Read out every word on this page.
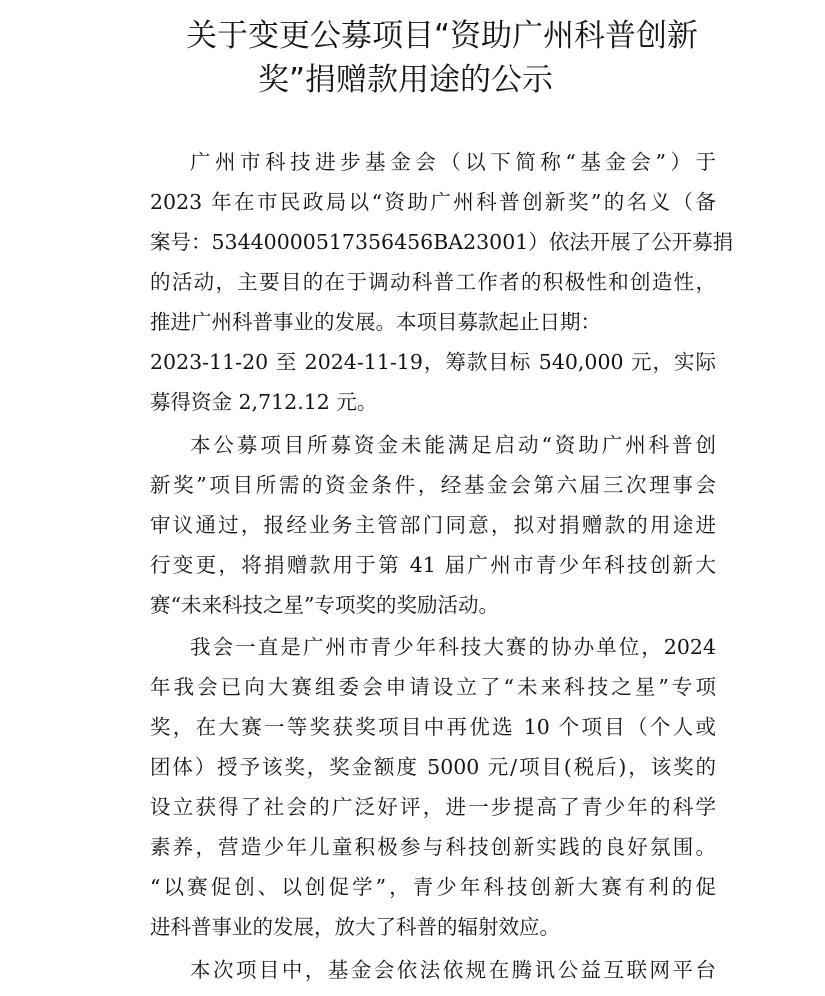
关于变更公募项目“资助广州科普创新
奖”捐赠款用途的公示
广州市科技进步基金会（以下简称“基金会”）于
2023 年在市民政局以“资助广州科普创新奖”的名义（备
案号：53440000517356456BA23001）依法开展了公开募捐
的活动，主要目的在于调动科普工作者的积极性和创造性，
推进广州科普事业的发展。本项目募款起止日期：
2023-11-20 至 2024-11-19，筹款目标 540,000 元，实际
募得资金 2,712.12 元。
本公募项目所募资金未能满足启动“资助广州科普创
新奖”项目所需的资金条件，经基金会第六届三次理事会
审议通过，报经业务主管部门同意，拟对捐赠款的用途进
行变更，将捐赠款用于第 41 届广州市青少年科技创新大
赛“未来科技之星”专项奖的奖励活动。
我会一直是广州市青少年科技大赛的协办单位，2024
年我会已向大赛组委会申请设立了“未来科技之星”专项
奖，在大赛一等奖获奖项目中再优选 10 个项目（个人或
团体）授予该奖，奖金额度 5000 元/项目(税后)，该奖的
设立获得了社会的广泛好评，进一步提高了青少年的科学
素养，营造少年儿童积极参与科技创新实践的良好氛围。
“以赛促创、以创促学”，青少年科技创新大赛有利的促
进科普事业的发展，放大了科普的辐射效应。
本次项目中，基金会依法依规在腾讯公益互联网平台
